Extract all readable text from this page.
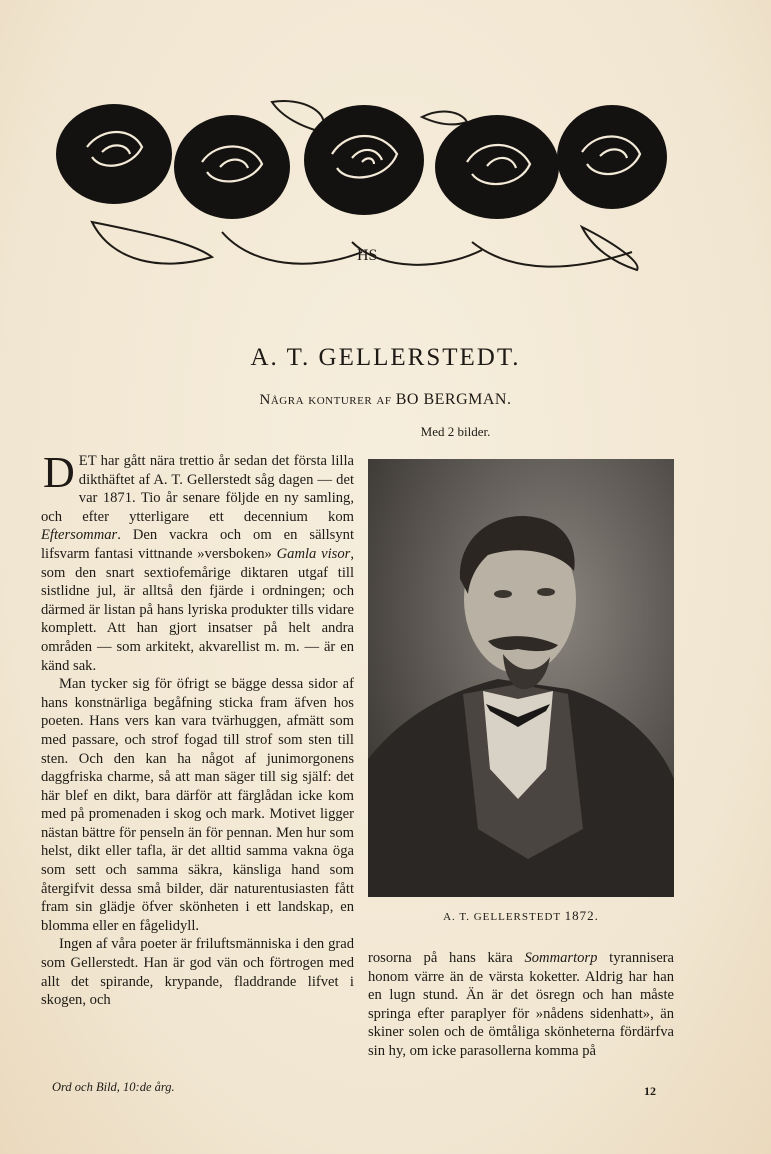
HS
A. T. GELLERSTEDT.
Några konturer af BO BERGMAN.
Med 2 bilder.

DET har gått nära trettio år sedan det första lilla dikthäftet af A. T. Gellerstedt såg dagen — det var 1871. Tio år senare följde en ny samling, och efter ytterligare ett decennium kom Eftersommar. Den vackra och om en sällsynt lifsvarm fantasi vittnande »versboken» Gamla visor, som den snart sextiofemårige diktaren utgaf till sistlidne jul, är alltså den fjärde i ordningen; och därmed är listan på hans lyriska produkter tills vidare komplett. Att han gjort insatser på helt andra områden — som arkitekt, akvarellist m. m. — är en känd sak.

Man tycker sig för öfrigt se bägge dessa sidor af hans konstnärliga begåfning sticka fram äfven hos poeten. Hans vers kan vara tvärhuggen, afmätt som med passare, och strof fogad till strof som sten till sten. Och den kan ha något af junimorgonens daggfriska charme, så att man säger till sig själf: det här blef en dikt, bara därför att färglådan icke kom med på promenaden i skog och mark. Motivet ligger nästan bättre för penseln än för pennan. Men hur som helst, dikt eller tafla, är det alltid samma vakna öga som sett och samma säkra, känsliga hand som återgifvit dessa små bilder, där naturentusiasten fått fram sin glädje öfver skönheten i ett landskap, en blomma eller en fågelidyll.

Ingen af våra poeter är friluftsmänniska i den grad som Gellerstedt. Han är god vän och förtrogen med allt det spirande, krypande, fladdrande lifvet i skogen, och

A. T. GELLERSTEDT 1872.

rosorna på hans kära Sommartorp tyrannisera honom värre än de värsta koketter. Aldrig har han en lugn stund. Än är det ösregn och han måste springa efter paraplyer för »nådens sidenhatt», än skiner solen och de ömtåliga skönheterna fördärfva sin hy, om icke parasollerna komma på

Ord och Bild, 10:de årg.	12
